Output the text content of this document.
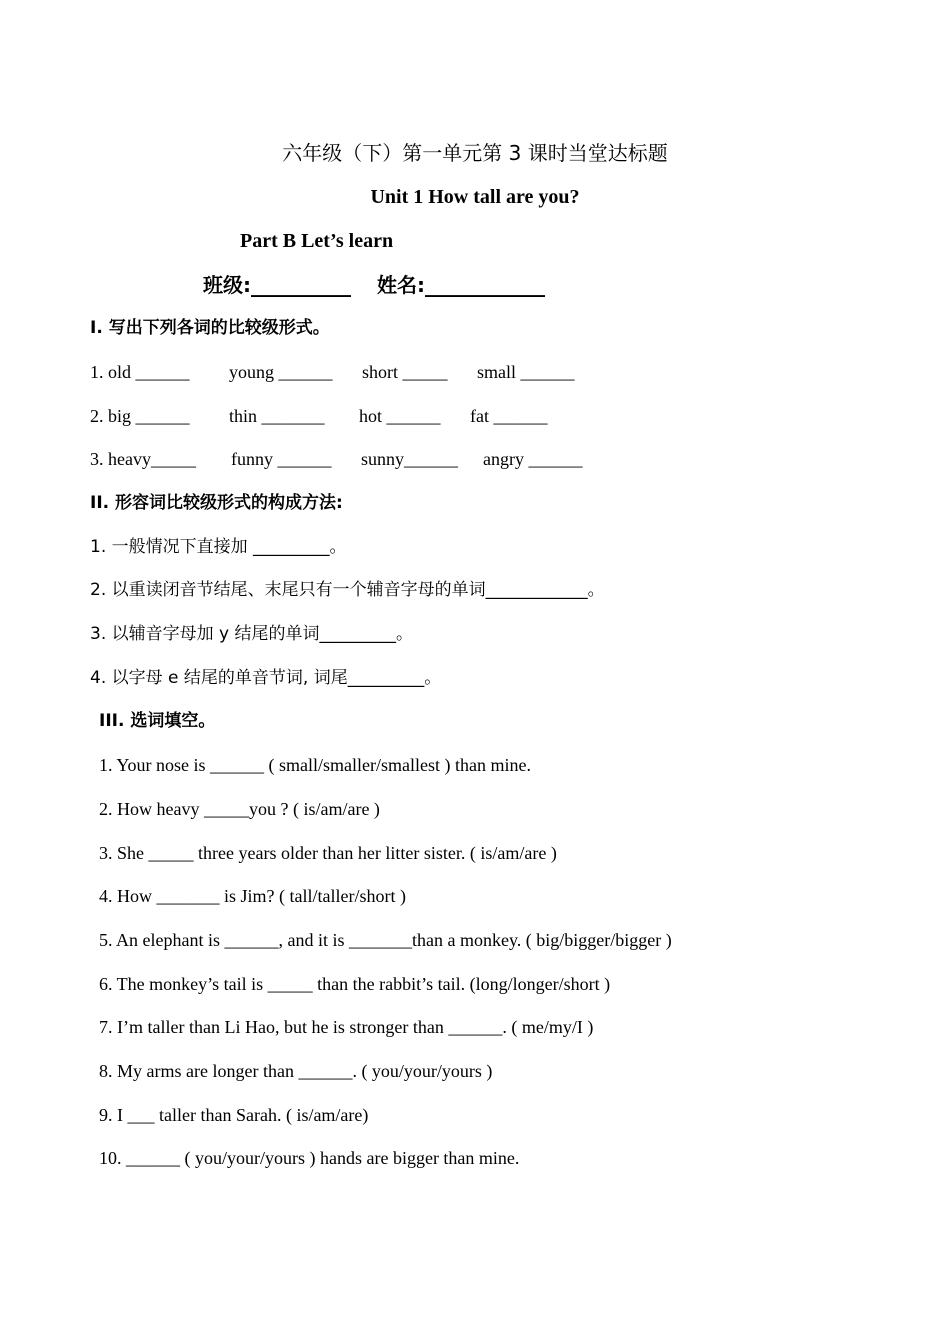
六年级（下）第一单元第 3 课时当堂达标题
Unit 1 How tall are you?
Part B Let’s learn
班级:__________ 姓名:____________
I. 写出下列各词的比较级形式。
1. old ______ young ______ short _____ small ______
2. big ______ thin _______ hot ______ fat ______
3. heavy_____ funny ______ sunny______ angry ______
II. 形容词比较级形式的构成方法:
1. 一般情况下直接加 _________。
2. 以重读闭音节结尾、末尾只有一个辅音字母的单词____________。
3. 以辅音字母加 y 结尾的单词_________。
4. 以字母 e 结尾的单音节词, 词尾_________。
III. 选词填空。
1. Your nose is ______ ( small/smaller/smallest ) than mine.
2. How heavy _____you ? ( is/am/are )
3. She _____ three years older than her litter sister. ( is/am/are )
4. How _______ is Jim? ( tall/taller/short )
5. An elephant is ______, and it is _______than a monkey. ( big/bigger/bigger )
6. The monkey’s tail is _____ than the rabbit’s tail. (long/longer/short )
7. I’m taller than Li Hao, but he is stronger than ______. ( me/my/I )
8. My arms are longer than ______. ( you/your/yours )
9. I ___ taller than Sarah. ( is/am/are)
10. ______ ( you/your/yours ) hands are bigger than mine.
